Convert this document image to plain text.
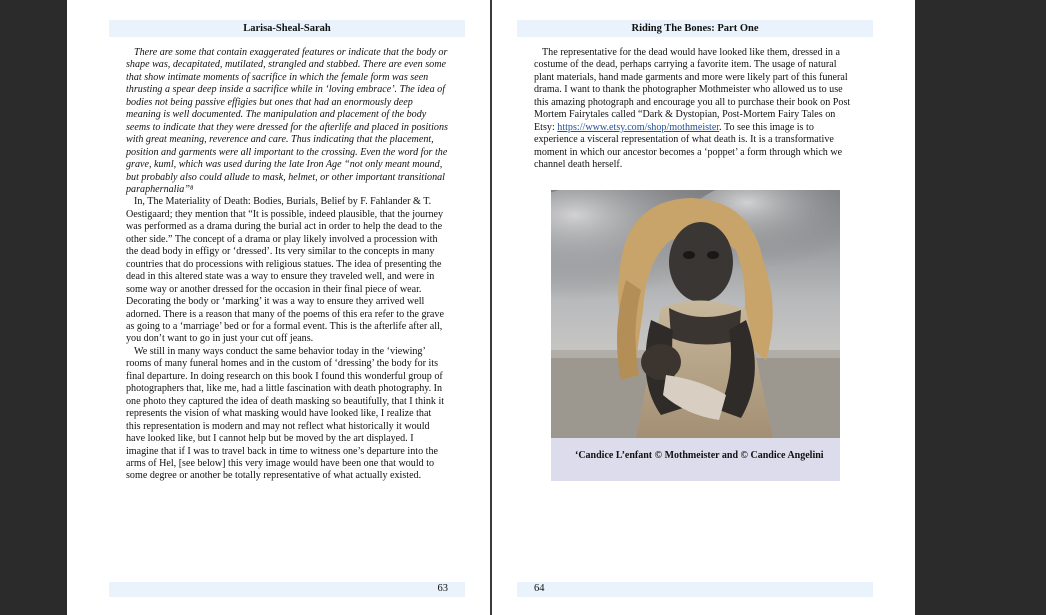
Larisa-Sheal-Sarah

There are some that contain exaggerated features or indicate that the body or shape was, decapitated, mutilated, strangled and stabbed. There are even some that show intimate moments of sacrifice in which the female form was seen thrusting a spear deep inside a sacrifice while in ‘loving embrace’. The idea of bodies not being passive effigies but ones that had an enormously deep meaning is well documented. The manipulation and placement of the body seems to indicate that they were dressed for the afterlife and placed in positions with great meaning, reverence and care. Thus indicating that the placement, position and garments were all important to the crossing. Even the word for the grave, kuml, which was used during the late Iron Age “not only meant mound, but probably also could allude to mask, helmet, or other important transitional paraphernalia”⁸

In, The Materiality of Death: Bodies, Burials, Belief by F. Fahlander & T. Oestigaard; they mention that “It is possible, indeed plausible, that the journey was performed as a drama during the burial act in order to help the dead to the other side.” The concept of a drama or play likely involved a procession with the dead body in effigy or ‘dressed’. Its very similar to the concepts in many countries that do processions with religious statues. The idea of presenting the dead in this altered state was a way to ensure they traveled well, and were in some way or another dressed for the occasion in their final piece of wear. Decorating the body or ‘marking’ it was a way to ensure they arrived well adorned. There is a reason that many of the poems of this era refer to the grave as going to a ‘marriage’ bed or for a formal event. This is the afterlife after all, you don’t want to go in just your cut off jeans.

We still in many ways conduct the same behavior today in the ‘viewing’ rooms of many funeral homes and in the custom of ‘dressing’ the body for its final departure. In doing research on this book I found this wonderful group of photographers that, like me, had a little fascination with death photography. In one photo they captured the idea of death masking so beautifully, that I think it represents the vision of what masking would have looked like, I realize that this representation is modern and may not reflect what historically it would have looked like, but I cannot help but be moved by the art displayed. I imagine that if I was to travel back in time to witness one’s departure into the arms of Hel, [see below] this very image would have been one that would to some degree or another be totally representative of what actually existed.

63
Riding The Bones: Part One

The representative for the dead would have looked like them, dressed in a costume of the dead, perhaps carrying a favorite item. The usage of natural plant materials, hand made garments and more were likely part of this funeral drama. I want to thank the photographer Mothmeister who allowed us to use this amazing photograph and encourage you all to purchase their book on Post Mortem Fairytales called “Dark & Dystopian, Post-Mortem Fairy Tales on Etsy: https://www.etsy.com/shop/mothmeister. To see this image is to experience a visceral representation of what death is. It is a transformative moment in which our ancestor becomes a ‘poppet’ a form through which we channel death herself.

‘Candice L’enfant © Mothmeister and © Candice Angelini
64
